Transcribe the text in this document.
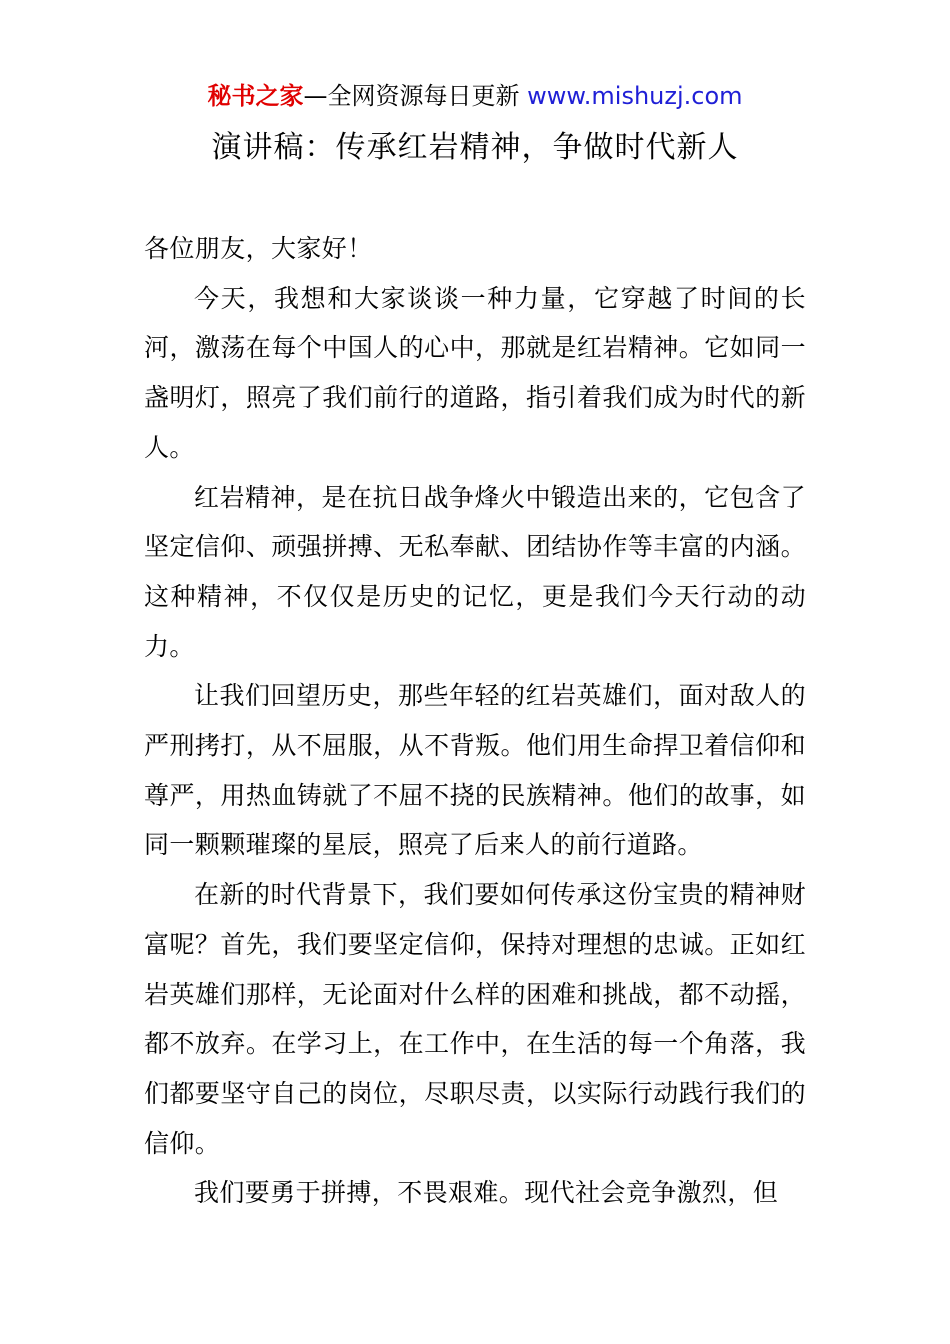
秘书之家—全网资源每日更新 www.mishuzj.com
演讲稿：传承红岩精神，争做时代新人

各位朋友，大家好！

今天，我想和大家谈谈一种力量，它穿越了时间的长河，激荡在每个中国人的心中，那就是红岩精神。它如同一盏明灯，照亮了我们前行的道路，指引着我们成为时代的新人。

红岩精神，是在抗日战争烽火中锻造出来的，它包含了坚定信仰、顽强拼搏、无私奉献、团结协作等丰富的内涵。这种精神，不仅仅是历史的记忆，更是我们今天行动的动力。

让我们回望历史，那些年轻的红岩英雄们，面对敌人的严刑拷打，从不屈服，从不背叛。他们用生命捍卫着信仰和尊严，用热血铸就了不屈不挠的民族精神。他们的故事，如同一颗颗璀璨的星辰，照亮了后来人的前行道路。

在新的时代背景下，我们要如何传承这份宝贵的精神财富呢？首先，我们要坚定信仰，保持对理想的忠诚。正如红岩英雄们那样，无论面对什么样的困难和挑战，都不动摇，都不放弃。在学习上，在工作中，在生活的每一个角落，我们都要坚守自己的岗位，尽职尽责，以实际行动践行我们的信仰。

我们要勇于拼搏，不畏艰难。现代社会竞争激烈，但
